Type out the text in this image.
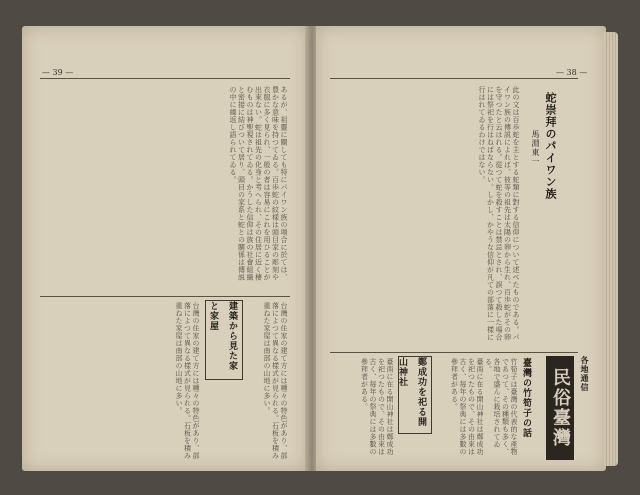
— 39 —	— 38 —
あるが、祖靈に關しても特にパイワン族の場合に於ては、豊かな意味を持つてゐる。百歩蛇の紋樣は頭目家の彫刻や衣服に多く見られ、一般の者は容易にこれを用ひることが出來ない。蛇は祖先の化身と考へられ、その住居に近く棲むものは神聖視されてゐる。かうした信仰は族の社會組織と密接に結びついて居り、頭目の家系と蛇との關係は傳説の中に繰返し語られてゐる。	蛇崇拜のパイワン族
馬淵東一
此の文は百歩蛇を主とする蛇類に對する信仰について述べたものである。パイワン族の傳説によれば、彼等の祖先は太陽の卵から生れ、百歩蛇がその卵を守つたと云はれる。從つて蛇を殺すことは禁忌とされ、誤つて殺した場合には祭祀を行はねばならない。しかし、かやうな信仰が凡ての部落に一樣に行はれてゐるわけではない。
建築から見た家と家屋
台灣の住家の建て方には種々の特色があり、部落によつて異なる樣式が見られる。石板を積み重ねた家屋は南部の山地に多い。	台灣の住家の建て方には種々の特色があり、部落によつて異なる樣式が見られる。石板を積み重ねた家屋は南部の山地に多い。	鄭成功を祀る開山神社
臺南に在る開山神社は鄭成功を祀つたもので、その由來は古く、毎年の祭典には多數の參拜者がある。	臺南に在る開山神社は鄭成功を祀つたもので、その由來は古く、毎年の祭典には多數の參拜者がある。	臺灣の竹筍子の話
竹筍子は臺灣の代表的な產物であつて、その種類も多く、各地で盛んに栽培されてゐる。	各地通信
民俗臺灣
